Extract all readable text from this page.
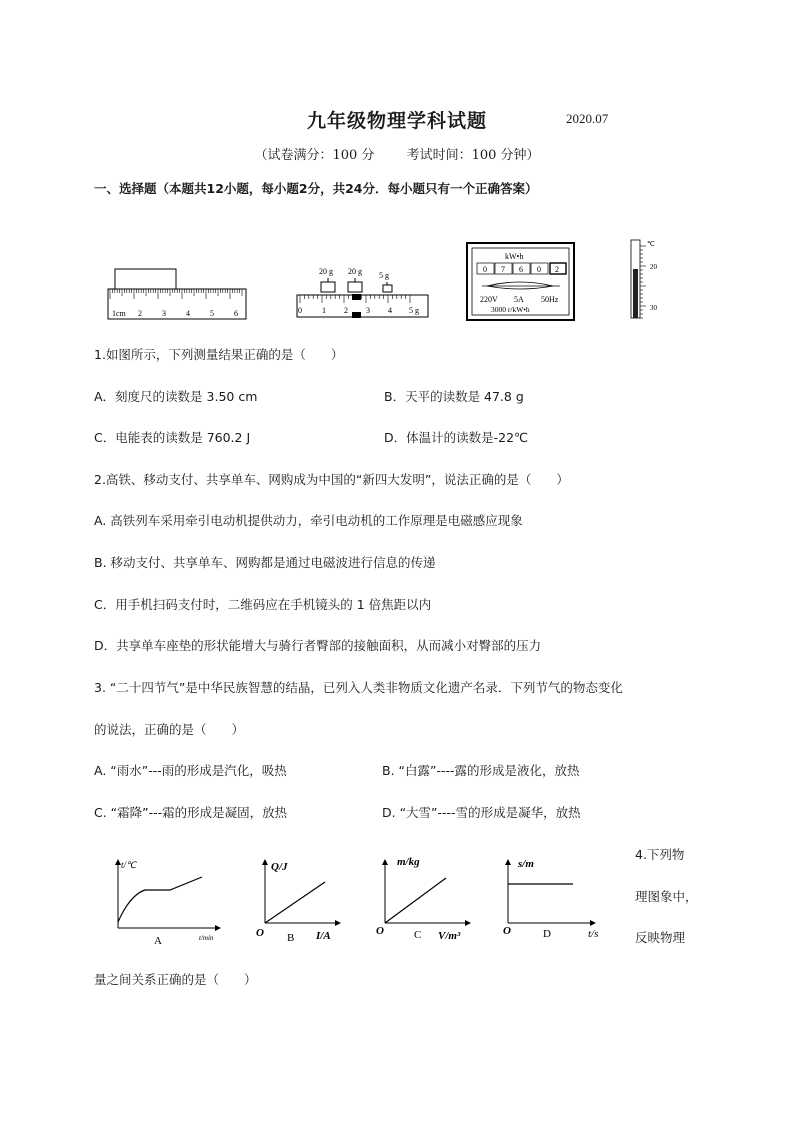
九年级物理学科试题	2020.07
（试卷满分：100 分 考试时间：100 分钟）
一、选择题（本题共12小题，每小题2分，共24分．每小题只有一个正确答案）
1cm 2	3	4	5	6
20 g 20 g 5 g
0	1 2 3 4 5 g
kW•h
0 7 6 0 2
220V 5A 50Hz
3000 r/kW•h
℃
20
30
1.如图所示，下列测量结果正确的是（　　）
A．刻度尺的读数是 3.50 cm	B．天平的读数是 47.8 g
C．电能表的读数是 760.2 J	D．体温计的读数是-22℃
2.高铁、移动支付、共享单车、网购成为中国的“新四大发明”，说法正确的是（　　）
A. 高铁列车采用牵引电动机提供动力，牵引电动机的工作原理是电磁感应现象
B. 移动支付、共享单车、网购都是通过电磁波进行信息的传递
C．用手机扫码支付时，二维码应在手机镜头的 1 倍焦距以内
D．共享单车座垫的形状能增大与骑行者臀部的接触面积，从而减小对臀部的压力
3. “二十四节气”是中华民族智慧的结晶，已列入人类非物质文化遗产名录．下列节气的物态变化
的说法，正确的是（　　）
A. “雨水”---雨的形成是汽化，吸热	B. “白露”----露的形成是液化，放热
C. “霜降”---霜的形成是凝固，放热	D. “大雪”----雪的形成是凝华，放热
t/℃
t/min
A
Q/J
I/A
O B
m/kg
V/m³
O	C
s/m
t/s
O	D
4.下列物
理图象中，
反映物理
量之间关系正确的是（　　）
